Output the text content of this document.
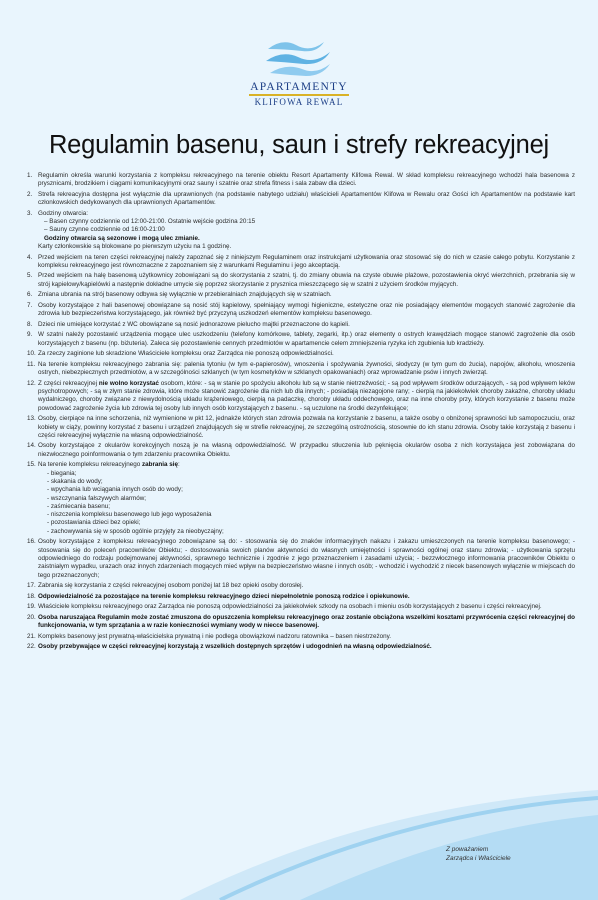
APARTAMENTY
KLIFOWA REWAL
Regulamin basenu, saun i strefy rekreacyjnej
1. Regulamin określa warunki korzystania z kompleksu rekreacyjnego na terenie obiektu Resort Apartamenty Klifowa Rewal. W skład kompleksu rekreacyjnego wchodzi hala basenowa z prysznicami, brodzikiem i ciągami komunikacyjnymi oraz sauny i szatnie oraz strefa fitness i sala zabaw dla dzieci.
2. Strefa rekreacyjna dostępna jest wyłącznie dla uprawnionych (na podstawie nabytego udziału) właścicieli Apartamentów Klifowa w Rewalu oraz Gości ich Apartamentów na podstawie kart członkowskich dedykowanych dla uprawnionych Apartamentów.
3. Godziny otwarcia:
– Basen czynny codziennie od 12:00-21:00. Ostatnie wejście godzina 20:15
– Sauny czynne codziennie od 16:00-21:00
Godziny otwarcia są sezonowe i mogą ulec zmianie.
Karty członkowskie są blokowane po pierwszym użyciu na 1 godzinę.
4. Przed wejściem na teren części rekreacyjnej należy zapoznać się z niniejszym Regulaminem oraz instrukcjami użytkowania oraz stosować się do nich w czasie całego pobytu. Korzystanie z kompleksu rekreacyjnego jest równoznaczne z zapoznaniem się z warunkami Regulaminu i jego akceptacją.
5. Przed wejściem na halę basenową użytkownicy zobowiązani są do skorzystania z szatni, tj. do zmiany obuwia na czyste obuwie plażowe, pozostawienia okryć wierzchnich, przebrania się w strój kąpielowy/kąpielówki a następnie dokładne umycie się poprzez skorzystanie z prysznica mieszczącego się w szatni z użyciem środków myjących.
6. Zmiana ubrania na strój basenowy odbywa się wyłącznie w przebieralniach znajdujących się w szatniach.
7. Osoby korzystające z hali basenowej obowiązane są nosić stój kąpielowy, spełniający wymogi higieniczne, estetyczne oraz nie posiadający elementów mogących stanowić zagrożenie dla zdrowia lub bezpieczeństwa korzystającego, jak również być przyczyną uszkodzeń elementów kompleksu basenowego.
8. Dzieci nie umiejące korzystać z WC obowiązane są nosić jednorazowe pielucho majtki przeznaczone do kąpieli.
9. W szatni należy pozostawić urządzenia mogące ulec uszkodzeniu (telefony komórkowe, tablety, zegarki, itp.) oraz elementy o ostrych krawędziach mogące stanowić zagrożenie dla osób korzystających z basenu (np. biżuteria). Zaleca się pozostawienie cennych przedmiotów w apartamencie celem zmniejszenia ryzyka ich zgubienia lub kradzieży.
10. Za rzeczy zaginione lub skradzione Właściciele kompleksu oraz Zarządca nie ponoszą odpowiedzialności.
11. Na terenie kompleksu rekreacyjnego zabrania się: palenia tytoniu (w tym e-papierosów), wnoszenia i spożywania żywności, słodyczy (w tym gum do żucia), napojów, alkoholu, wnoszenia ostrych, niebezpiecznych przedmiotów, a w szczególności szklanych (w tym kosmetyków w szklanych opakowaniach) oraz wprowadzanie psów i innych zwierząt.
12. Z części rekreacyjnej nie wolno korzystać osobom, które: - są w stanie po spożyciu alkoholu lub są w stanie nietrzeźwości; - są pod wpływem środków odurzających, - są pod wpływem leków psychotropowych; - są w złym stanie zdrowia, które może stanowić zagrożenie dla nich lub dla innych; - posiadają niezagojone rany; - cierpią na jakiekolwiek choroby zakaźne, choroby układu wydalniczego, choroby związane z niewydolnością układu krążeniowego, cierpią na padaczkę, choroby układu oddechowego, oraz na inne choroby przy, których korzystanie z basenu może powodować zagrożenie życia lub zdrowia tej osoby lub innych osób korzystających z basenu. - są uczulone na środki dezynfekujące;
13. Osoby, cierpiące na inne schorzenia, niż wymienione w pkt 12, jednakże których stan zdrowia pozwala na korzystanie z basenu, a także osoby o obniżonej sprawności lub samopoczuciu, oraz kobiety w ciąży, powinny korzystać z basenu i urządzeń znajdujących się w strefie rekreacyjnej, ze szczególną ostrożnością, stosownie do ich stanu zdrowia. Osoby takie korzystają z basenu i części rekreacyjnej wyłącznie na własną odpowiedzialność.
14. Osoby korzystające z okularów korekcyjnych noszą je na własną odpowiedzialność. W przypadku stłuczenia lub pęknięcia okularów osoba z nich korzystająca jest zobowiązana do niezwłocznego poinformowania o tym zdarzeniu pracownika Obiektu.
15. Na terenie kompleksu rekreacyjnego zabrania się:
- biegania;
- skakania do wody;
- wpychania lub wciągania innych osób do wody;
- wszczynania fałszywych alarmów;
- zaśmiecania basenu;
- niszczenia kompleksu basenowego lub jego wyposażenia
- pozostawiania dzieci bez opieki;
- zachowywania się w sposób ogólnie przyjęty za nieobyczajny;
16. Osoby korzystające z kompleksu rekreacyjnego zobowiązane są do: - stosowania się do znaków informacyjnych nakazu i zakazu umieszczonych na terenie kompleksu basenowego; - stosowania się do poleceń pracowników Obiektu; - dostosowania swoich planów aktywności do własnych umiejętności i sprawności ogólnej oraz stanu zdrowia; - użytkowania sprzętu odpowiedniego do rodzaju podejmowanej aktywności, sprawnego technicznie i zgodnie z jego przeznaczeniem i zasadami użycia; - bezzwłocznego informowania pracowników Obiektu o zaistniałym wypadku, urazach oraz innych zdarzeniach mogących mieć wpływ na bezpieczeństwo własne i innych osób; - wchodzić i wychodzić z niecek basenowych wyłącznie w miejscach do tego przeznaczonych;
17. Zabrania się korzystania z części rekreacyjnej osobom poniżej lat 18 bez opieki osoby dorosłej.
18. Odpowiedzialność za pozostające na terenie kompleksu rekreacyjnego dzieci niepełnoletnie ponoszą rodzice i opiekunowie.
19. Właściciele kompleksu rekreacyjnego oraz Zarządca nie ponoszą odpowiedzialności za jakiekolwiek szkody na osobach i mieniu osób korzystających z basenu i części rekreacyjnej.
20. Osoba naruszająca Regulamin może zostać zmuszona do opuszczenia kompleksu rekreacyjnego oraz zostanie obciążona wszelkimi kosztami przywrócenia części rekreacyjnej do funkcjonowania, w tym sprzątania a w razie konieczności wymiany wody w niecce basenowej.
21. Kompleks basenowy jest prywatną-właścicielska prywatną i nie podlega obowiązkowi nadzoru ratownika – basen niestrzeżony.
22. Osoby przebywające w części rekreacyjnej korzystają z wszelkich dostępnych sprzętów i udogodnień na własną odpowiedzialność.
Z poważaniem
Zarządca i Właściciele
